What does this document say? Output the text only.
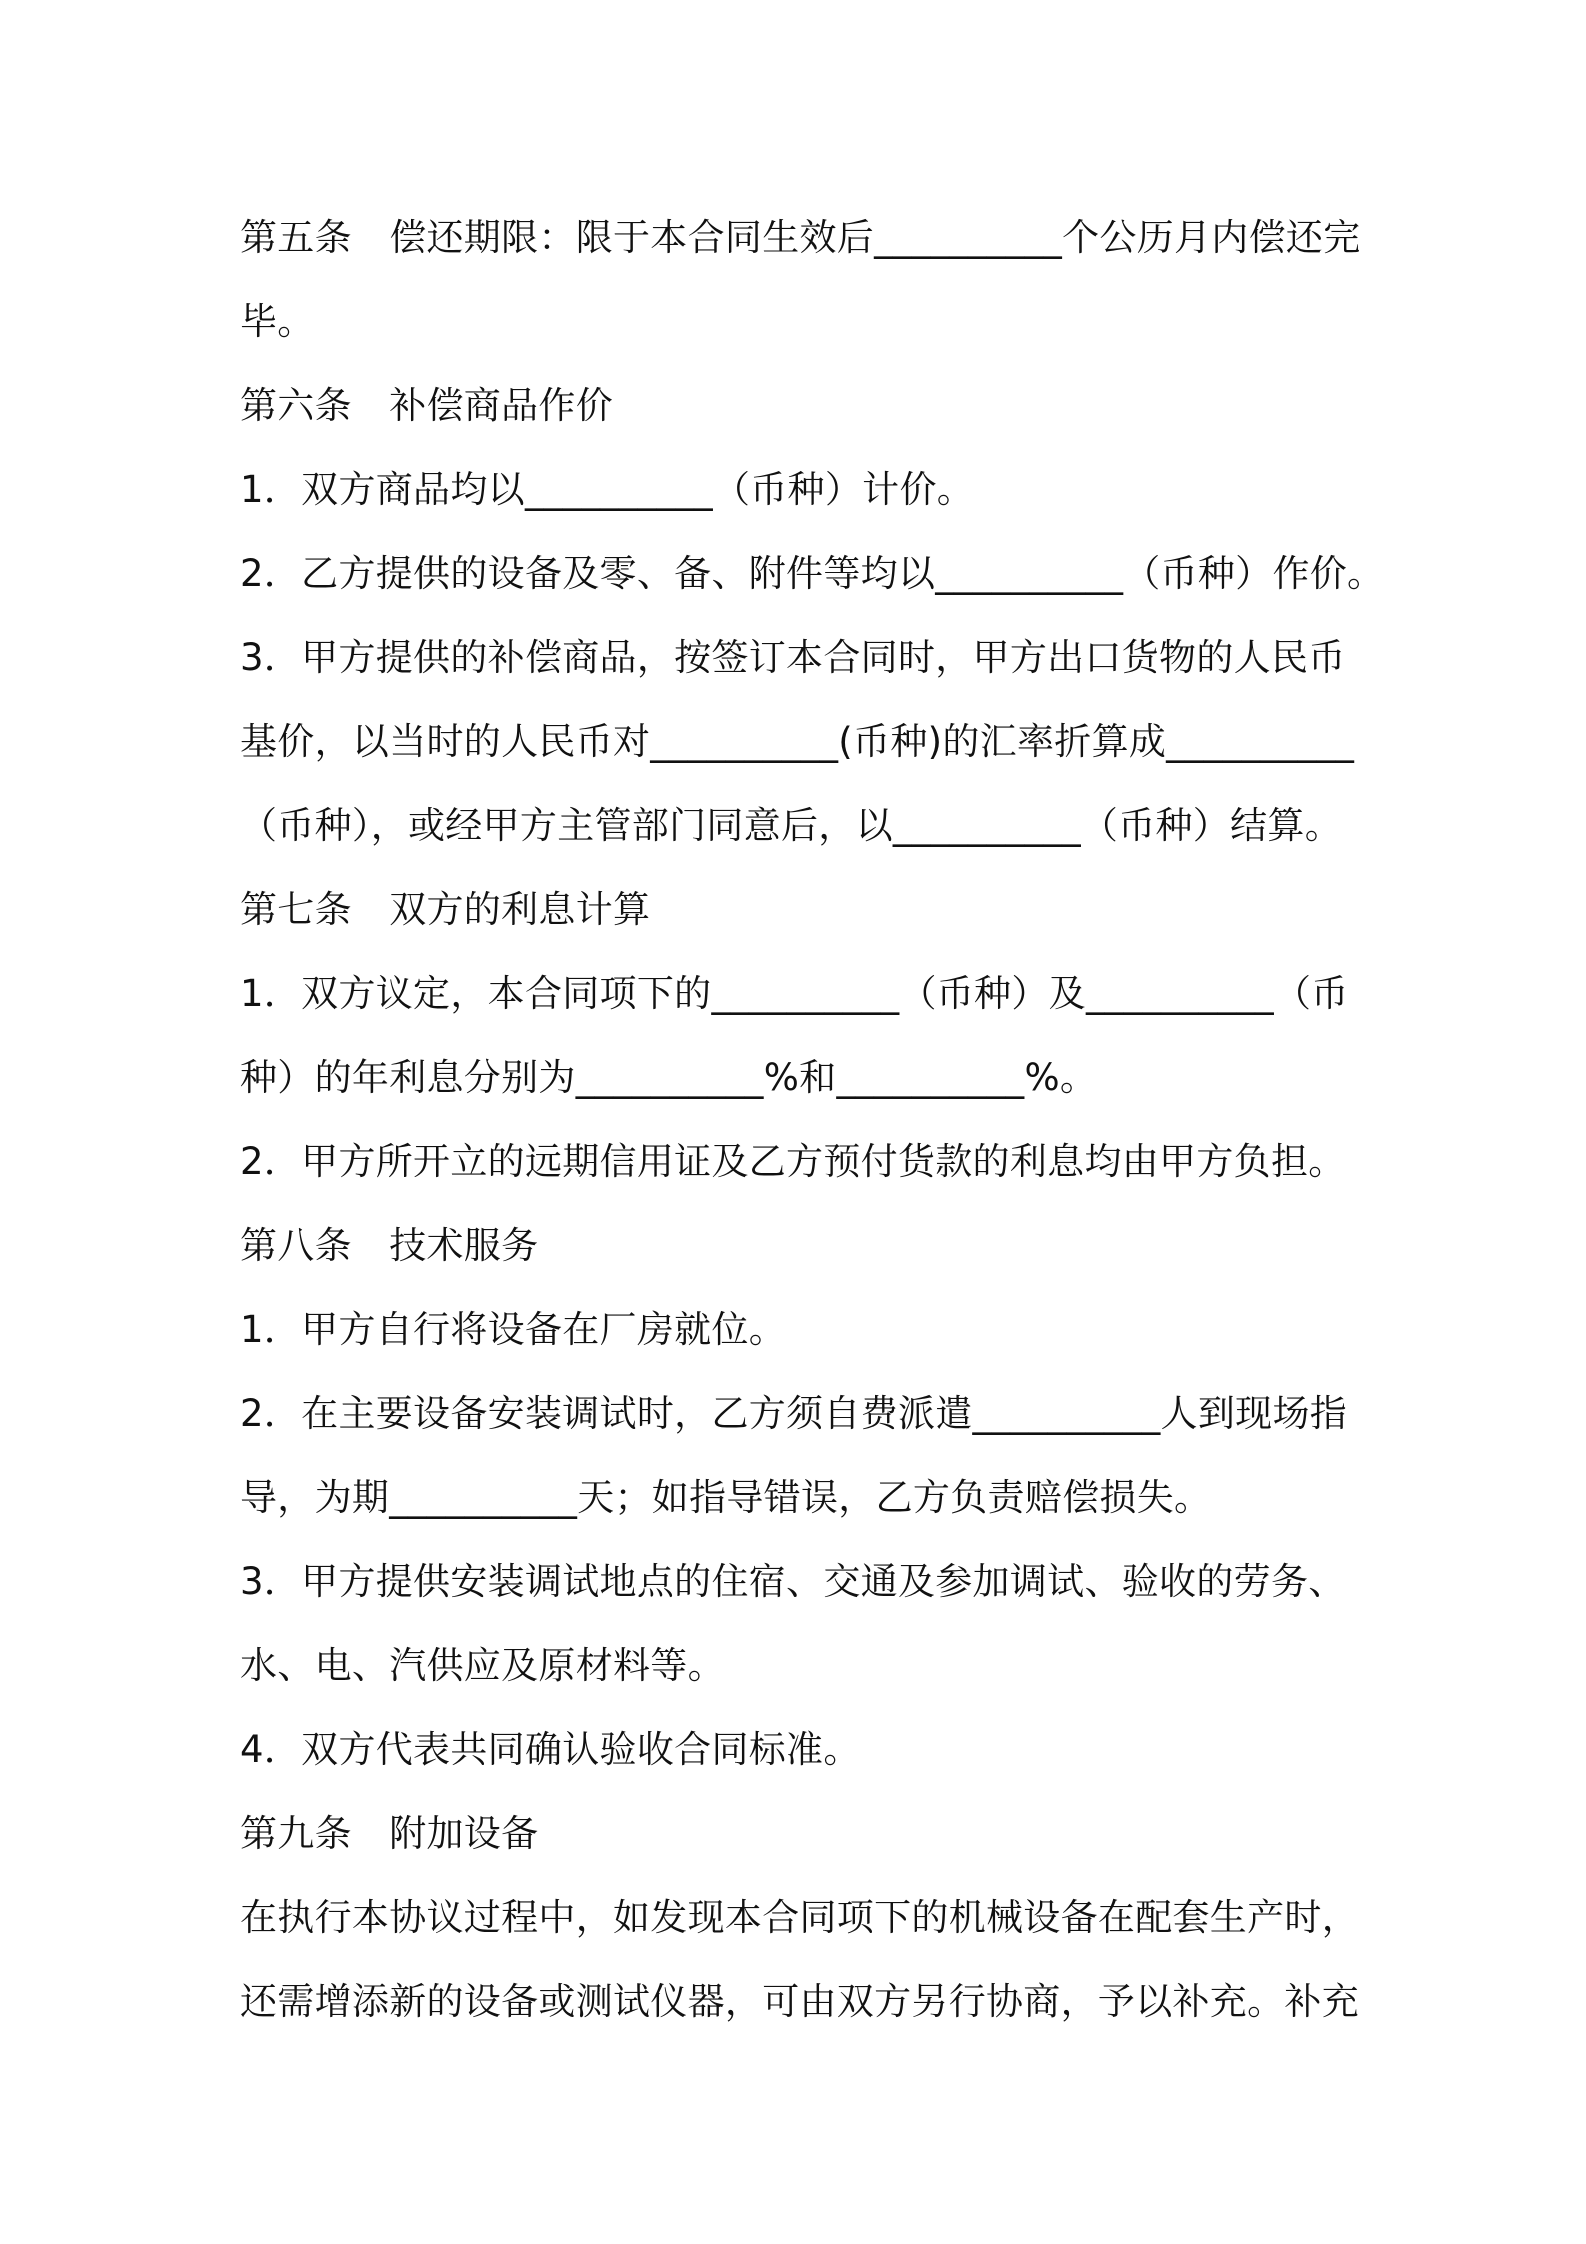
第五条　偿还期限：限于本合同生效后__________个公历月内偿还完
毕。
第六条　补偿商品作价
1．双方商品均以__________（币种）计价。
2．乙方提供的设备及零、备、附件等均以__________（币种）作价。
3．甲方提供的补偿商品，按签订本合同时，甲方出口货物的人民币
基价，以当时的人民币对__________(币种)的汇率折算成__________
（币种），或经甲方主管部门同意后，以__________（币种）结算。
第七条　双方的利息计算
1．双方议定，本合同项下的__________（币种）及__________（币
种）的年利息分别为__________%和__________%。
2．甲方所开立的远期信用证及乙方预付货款的利息均由甲方负担。
第八条　技术服务
1．甲方自行将设备在厂房就位。
2．在主要设备安装调试时，乙方须自费派遣__________人到现场指
导，为期__________天；如指导错误，乙方负责赔偿损失。
3．甲方提供安装调试地点的住宿、交通及参加调试、验收的劳务、
水、电、汽供应及原材料等。
4．双方代表共同确认验收合同标准。
第九条　附加设备
在执行本协议过程中，如发现本合同项下的机械设备在配套生产时，
还需增添新的设备或测试仪器，可由双方另行协商，予以补充。补充
